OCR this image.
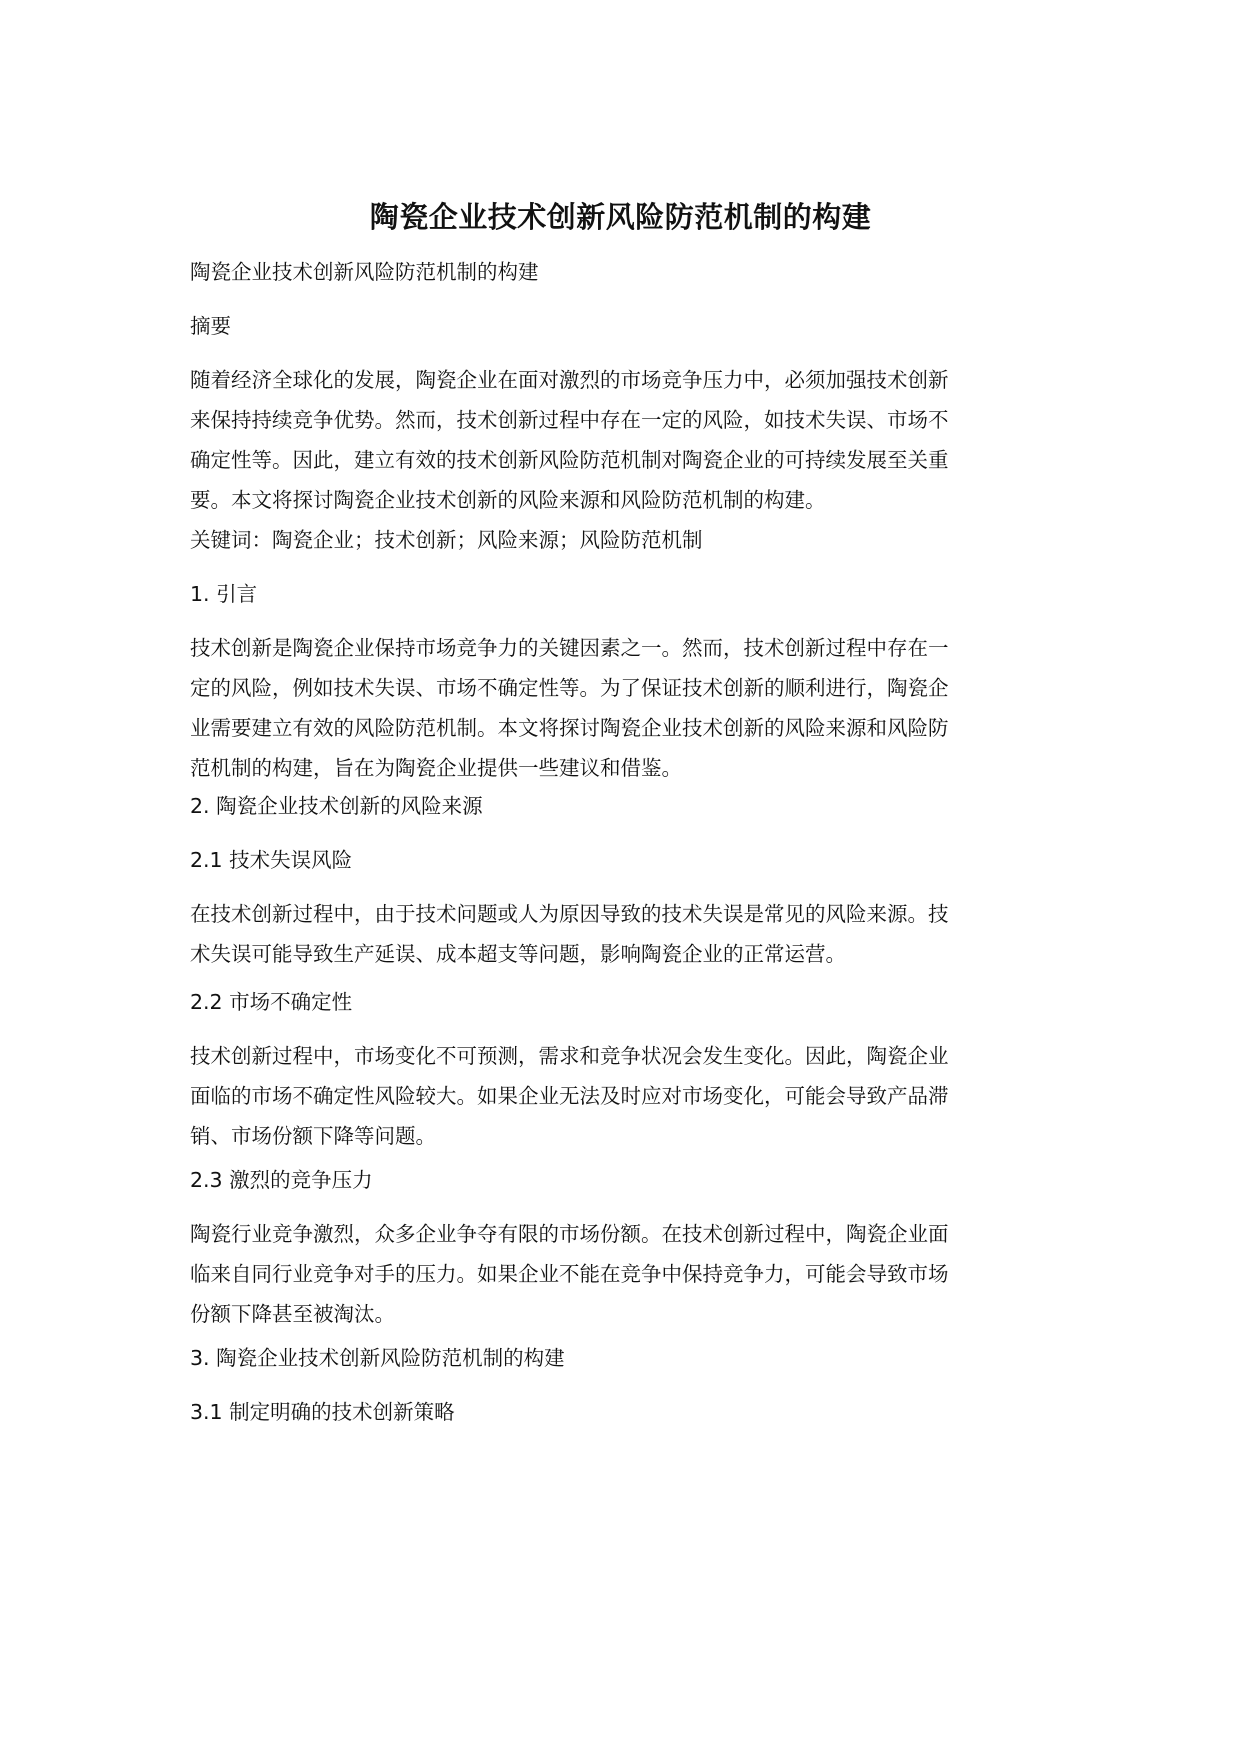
陶瓷企业技术创新风险防范机制的构建

陶瓷企业技术创新风险防范机制的构建

摘要

随着经济全球化的发展，陶瓷企业在面对激烈的市场竞争压力中，必须加强技术创新
来保持持续竞争优势。然而，技术创新过程中存在一定的风险，如技术失误、市场不
确定性等。因此，建立有效的技术创新风险防范机制对陶瓷企业的可持续发展至关重
要。本文将探讨陶瓷企业技术创新的风险来源和风险防范机制的构建。

关键词：陶瓷企业；技术创新；风险来源；风险防范机制

1. 引言

技术创新是陶瓷企业保持市场竞争力的关键因素之一。然而，技术创新过程中存在一
定的风险，例如技术失误、市场不确定性等。为了保证技术创新的顺利进行，陶瓷企
业需要建立有效的风险防范机制。本文将探讨陶瓷企业技术创新的风险来源和风险防
范机制的构建，旨在为陶瓷企业提供一些建议和借鉴。

2. 陶瓷企业技术创新的风险来源

2.1 技术失误风险

在技术创新过程中，由于技术问题或人为原因导致的技术失误是常见的风险来源。技
术失误可能导致生产延误、成本超支等问题，影响陶瓷企业的正常运营。

2.2 市场不确定性

技术创新过程中，市场变化不可预测，需求和竞争状况会发生变化。因此，陶瓷企业
面临的市场不确定性风险较大。如果企业无法及时应对市场变化，可能会导致产品滞
销、市场份额下降等问题。

2.3 激烈的竞争压力

陶瓷行业竞争激烈，众多企业争夺有限的市场份额。在技术创新过程中，陶瓷企业面
临来自同行业竞争对手的压力。如果企业不能在竞争中保持竞争力，可能会导致市场
份额下降甚至被淘汰。

3. 陶瓷企业技术创新风险防范机制的构建

3.1 制定明确的技术创新策略
